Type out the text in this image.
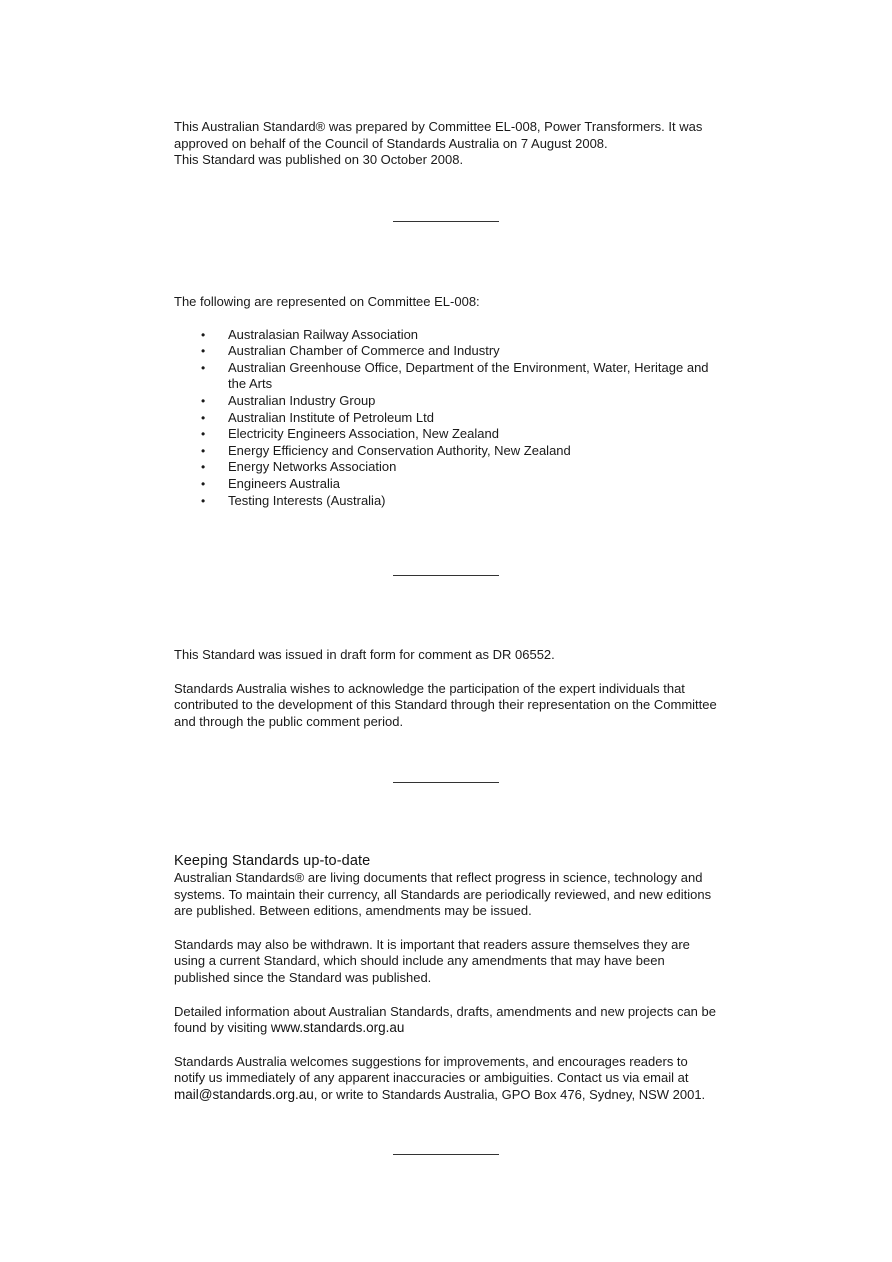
This Australian Standard® was prepared by Committee EL-008, Power Transformers. It was

approved on behalf of the Council of Standards Australia on 7 August 2008.

This Standard was published on 30 October 2008.

The following are represented on Committee EL-008:

• Australasian Railway Association
• Australian Chamber of Commerce and Industry
• Australian Greenhouse Office, Department of the Environment, Water, Heritage and the Arts
• Australian Industry Group
• Australian Institute of Petroleum Ltd
• Electricity Engineers Association, New Zealand
• Energy Efficiency and Conservation Authority, New Zealand
• Energy Networks Association
• Engineers Australia
• Testing Interests (Australia)

This Standard was issued in draft form for comment as DR 06552.

Standards Australia wishes to acknowledge the participation of the expert individuals that contributed to the development of this Standard through their representation on the Committee and through the public comment period.

Keeping Standards up-to-date

Australian Standards® are living documents that reflect progress in science, technology and systems. To maintain their currency, all Standards are periodically reviewed, and new editions are published. Between editions, amendments may be issued.

Standards may also be withdrawn. It is important that readers assure themselves they are using a current Standard, which should include any amendments that may have been published since the Standard was published.

Detailed information about Australian Standards, drafts, amendments and new projects can be found by visiting www.standards.org.au

Standards Australia welcomes suggestions for improvements, and encourages readers to notify us immediately of any apparent inaccuracies or ambiguities. Contact us via email at mail@standards.org.au, or write to Standards Australia, GPO Box 476, Sydney, NSW 2001.
